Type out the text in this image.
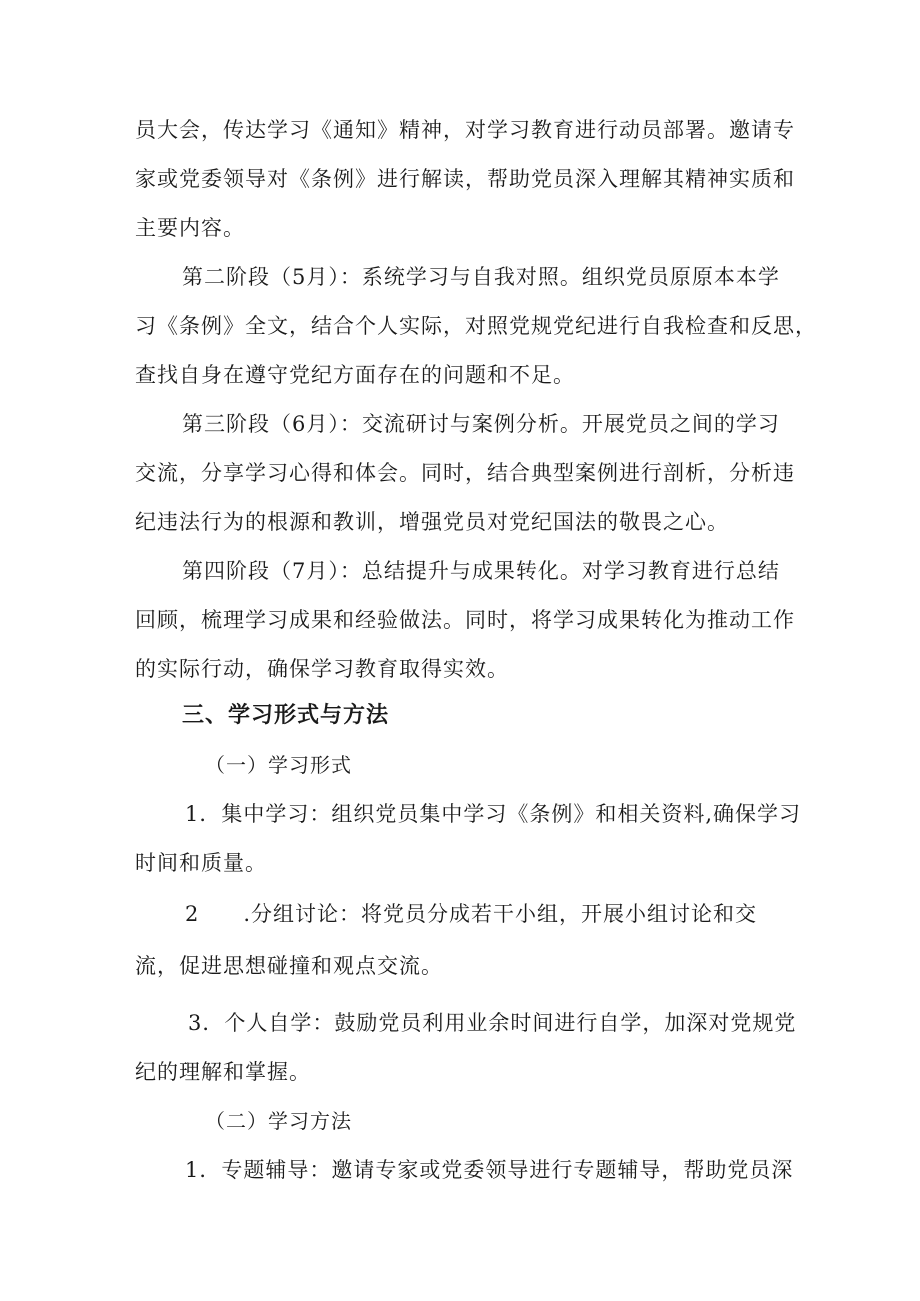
员大会，传达学习《通知》精神，对学习教育进行动员部署。邀请专
家或党委领导对《条例》进行解读，帮助党员深入理解其精神实质和
主要内容。
第二阶段（5月）：系统学习与自我对照。组织党员原原本本学
习《条例》全文，结合个人实际，对照党规党纪进行自我检查和反思，
查找自身在遵守党纪方面存在的问题和不足。
第三阶段（6月）：交流研讨与案例分析。开展党员之间的学习
交流，分享学习心得和体会。同时，结合典型案例进行剖析，分析违
纪违法行为的根源和教训，增强党员对党纪国法的敬畏之心。
第四阶段（7月）：总结提升与成果转化。对学习教育进行总结
回顾，梳理学习成果和经验做法。同时，将学习成果转化为推动工作
的实际行动，确保学习教育取得实效。
三、学习形式与方法
（一）学习形式
1．集中学习：组织党员集中学习《条例》和相关资料,确保学习
时间和质量。
2　　.分组讨论：将党员分成若干小组，开展小组讨论和交
流，促进思想碰撞和观点交流。
3．个人自学：鼓励党员利用业余时间进行自学，加深对党规党
纪的理解和掌握。
（二）学习方法
1．专题辅导：邀请专家或党委领导进行专题辅导，帮助党员深
